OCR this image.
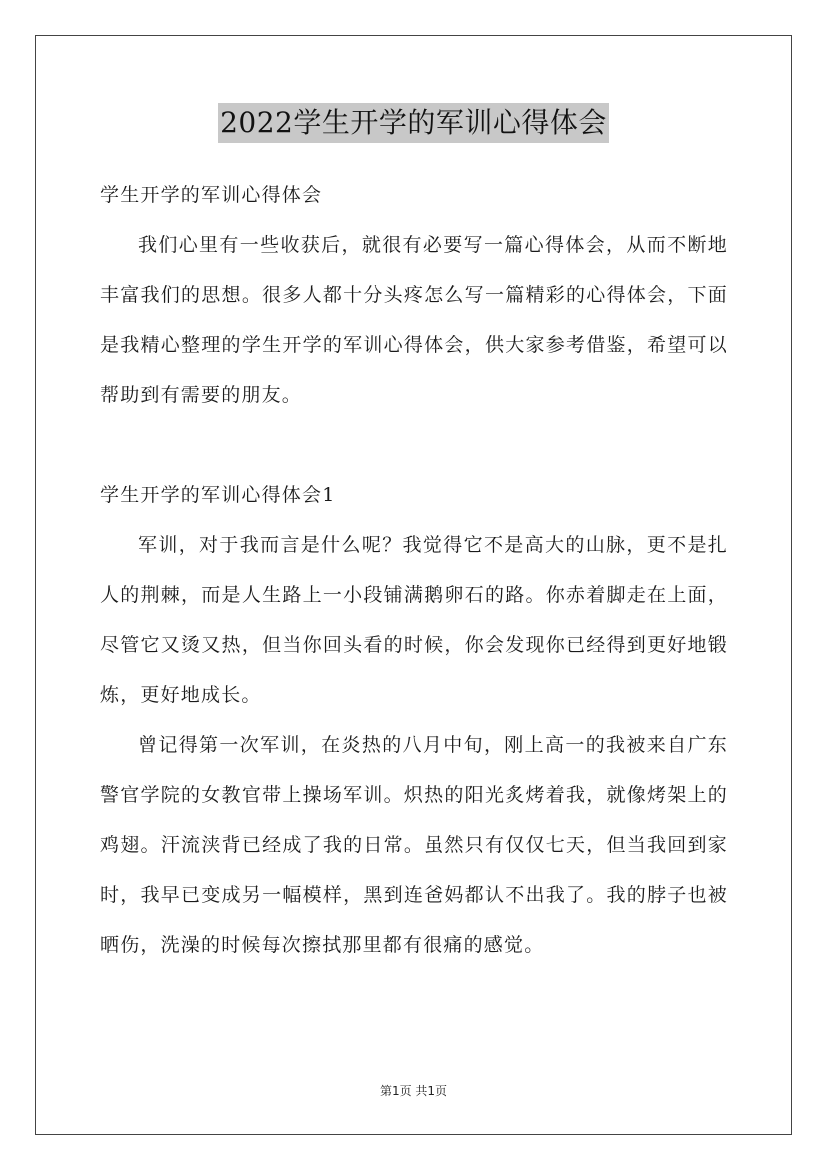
2022学生开学的军训心得体会

学生开学的军训心得体会

我们心里有一些收获后，就很有必要写一篇心得体会，从而不断地丰富我们的思想。很多人都十分头疼怎么写一篇精彩的心得体会，下面是我精心整理的学生开学的军训心得体会，供大家参考借鉴，希望可以帮助到有需要的朋友。

学生开学的军训心得体会1

军训，对于我而言是什么呢？我觉得它不是高大的山脉，更不是扎人的荆棘，而是人生路上一小段铺满鹅卵石的路。你赤着脚走在上面，尽管它又烫又热，但当你回头看的时候，你会发现你已经得到更好地锻炼，更好地成长。

曾记得第一次军训，在炎热的八月中旬，刚上高一的我被来自广东警官学院的女教官带上操场军训。炽热的阳光炙烤着我，就像烤架上的鸡翅。汗流浃背已经成了我的日常。虽然只有仅仅七天，但当我回到家时，我早已变成另一幅模样，黑到连爸妈都认不出我了。我的脖子也被晒伤，洗澡的时候每次擦拭那里都有很痛的感觉。

第1页 共1页
